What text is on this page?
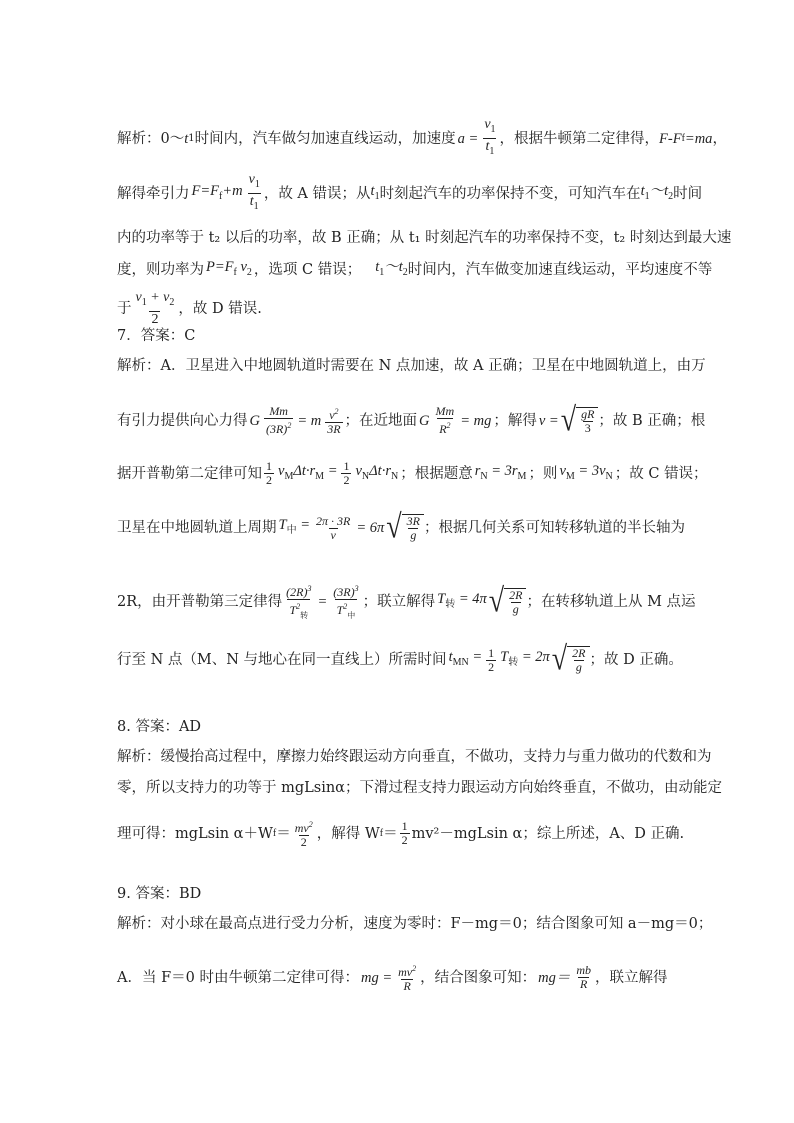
解析：0～ t 1 时间内，汽车做匀加速直线运动，加速度 $a = \frac{v_1}{t_1}$ ，根据牛顿第二定律得， F-F f =ma ，
解得牵引力 $F=F_f+m \frac{v_1}{t_1}$ ，故 A 错误；从 $t_1$ 时刻起汽车的功率保持不变，可知汽车在 $t_1\sim t_2$ 时间
内的功率等于 t₂ 以后的功率，故 B 正确；从 t₁ 时刻起汽车的功率保持不变，t₂ 时刻达到最大速
度，则功率为 $P=F_f$ $v_2$ ，选项 C 错误； $t_1\sim t_2$ 时间内，汽车做变加速直线运动，平均速度不等
于 $\frac{v_1 + v_2}{2}$ ，故 D 错误.
7．答案：C
解析：A．卫星进入中地圆轨道时需要在 N 点加速，故 A 正确；卫星在中地圆轨道上，由万
有引力提供向心力得 G $\frac{Mm}{(3R)^2} = m \frac{v^2}{3R}$ ；在近地面 G $\frac{Mm}{R^2}$ = mg ；解得 v = √ $\frac{gR}{3}$ ；故 B 正确；根
据开普勒第二定律可知 $\frac{1}{2} v_M\Delta t\cdot r_M = \frac{1}{2} v_N\Delta t\cdot r_N$ ；根据题意 $r_N = 3r_M$ ；则 $v_M = 3v_N$ ；故 C 错误；
卫星在中地圆轨道上周期 $T_中 = \frac{2\pi \cdot 3R}{v} = 6\pi$ √ $\frac{3R}{g}$ ；根据几何关系可知转移轨道的半长轴为
2R，由开普勒第三定律得 $\frac{(2R)^3}{T^2_转} = \frac{(3R)^3}{T^2_中}$ ；联立解得 $T_转 = 4\pi$ √ $\frac{2R}{g}$ ；在转移轨道上从 M 点运
行至 N 点（M、N 与地心在同一直线上）所需时间 $t_{MN} = \frac{1}{2} T_转 = 2\pi$ √ $\frac{2R}{g}$ ；故 D 正确。
8. 答案：AD
解析：缓慢抬高过程中，摩擦力始终跟运动方向垂直，不做功，支持力与重力做功的代数和为
零，所以支持力的功等于 mgLsinα；下滑过程支持力跟运动方向始终垂直，不做功，由动能定
理可得：mgLsin α＋W $f = \frac{mv^2}{2}$ ，解得 W $f = \frac{1}{2} mv^2-mgLsin$ α；综上所述，A、D 正确.
9. 答案：BD
解析：对小球在最高点进行受力分析，速度为零时：F－mg＝0；结合图象可知 a－mg＝0；
A．当 F＝0 时由牛顿第二定律可得： mg = $\frac{mv^2}{R}$ ，结合图象可知： $mg= \frac{mb}{R}$ ，联立解得
